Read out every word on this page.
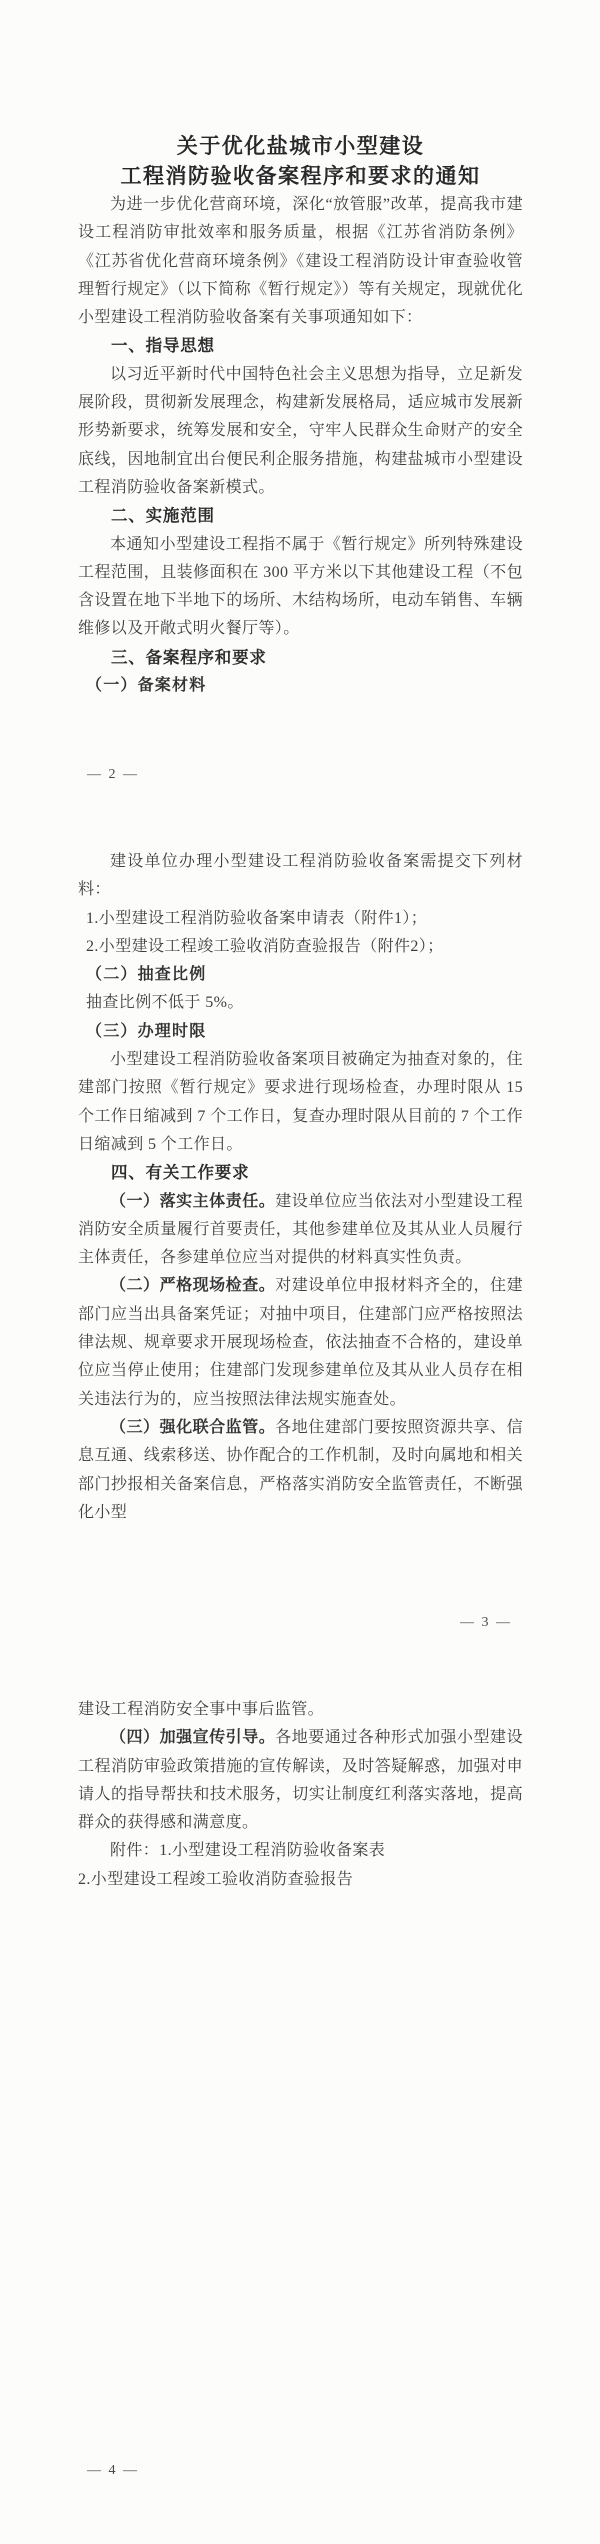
关于优化盐城市小型建设
工程消防验收备案程序和要求的通知

为进一步优化营商环境，深化“放管服”改革，提高我市建设工程消防审批效率和服务质量，根据《江苏省消防条例》《江苏省优化营商环境条例》《建设工程消防设计审查验收管理暂行规定》（以下简称《暂行规定》）等有关规定，现就优化小型建设工程消防验收备案有关事项通知如下：

一、指导思想

以习近平新时代中国特色社会主义思想为指导，立足新发展阶段，贯彻新发展理念，构建新发展格局，适应城市发展新形势新要求，统筹发展和安全，守牢人民群众生命财产的安全底线，因地制宜出台便民利企服务措施，构建盐城市小型建设工程消防验收备案新模式。

二、实施范围

本通知小型建设工程指不属于《暂行规定》所列特殊建设工程范围，且装修面积在 300 平方米以下其他建设工程（不包含设置在地下半地下的场所、木结构场所，电动车销售、车辆维修以及开敞式明火餐厅等）。

三、备案程序和要求
（一）备案材料
— 2 —

建设单位办理小型建设工程消防验收备案需提交下列材料：

1.小型建设工程消防验收备案申请表（附件1）；

2.小型建设工程竣工验收消防查验报告（附件2）；

（二）抽查比例

抽查比例不低于 5%。

（三）办理时限

小型建设工程消防验收备案项目被确定为抽查对象的，住建部门按照《暂行规定》要求进行现场检查，办理时限从 15 个工作日缩减到 7 个工作日，复查办理时限从目前的 7 个工作日缩减到 5 个工作日。

四、有关工作要求

（一）落实主体责任。建设单位应当依法对小型建设工程消防安全质量履行首要责任，其他参建单位及其从业人员履行主体责任，各参建单位应当对提供的材料真实性负责。

（二）严格现场检查。对建设单位申报材料齐全的，住建部门应当出具备案凭证；对抽中项目，住建部门应严格按照法律法规、规章要求开展现场检查，依法抽查不合格的，建设单位应当停止使用；住建部门发现参建单位及其从业人员存在相关违法行为的，应当按照法律法规实施查处。

（三）强化联合监管。各地住建部门要按照资源共享、信息互通、线索移送、协作配合的工作机制，及时向属地和相关部门抄报相关备案信息，严格落实消防安全监管责任，不断强化小型

— 3 —

建设工程消防安全事中事后监管。

（四）加强宣传引导。各地要通过各种形式加强小型建设工程消防审验政策措施的宣传解读，及时答疑解惑，加强对申请人的指导帮扶和技术服务，切实让制度红利落实落地，提高群众的获得感和满意度。

附件：1.小型建设工程消防验收备案表

2.小型建设工程竣工验收消防查验报告

— 4 —
